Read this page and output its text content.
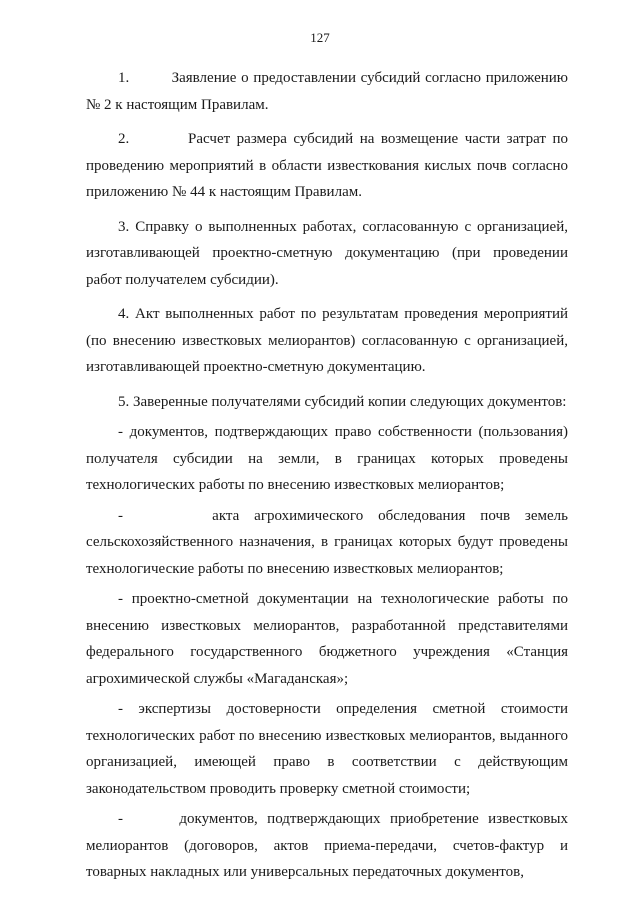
127

1.         Заявление о предоставлении субсидий согласно приложению № 2 к настоящим Правилам.

2.         Расчет размера субсидий на возмещение части затрат по проведению мероприятий в области известкования кислых почв согласно приложению № 44 к настоящим Правилам.

3. Справку о выполненных работах, согласованную с организацией, изготавливающей проектно-сметную документацию (при проведении работ получателем субсидии).

4. Акт выполненных работ по результатам проведения мероприятий (по внесению известковых мелиорантов) согласованную с организацией, изготавливающей проектно-сметную документацию.

5. Заверенные получателями субсидий копии следующих документов:

- документов, подтверждающих право собственности (пользования) получателя субсидии на земли, в границах которых проведены технологических работы по внесению известковых мелиорантов;

-      акта агрохимического обследования почв земель сельскохозяйственного назначения, в границах которых будут проведены технологические работы по внесению известковых мелиорантов;

- проектно-сметной документации на технологические работы по внесению известковых мелиорантов, разработанной представителями федерального государственного бюджетного учреждения «Станция агрохимической службы «Магаданская»;

- экспертизы достоверности определения сметной стоимости технологических работ по внесению известковых мелиорантов, выданного организацией, имеющей право в соответствии с действующим законодательством проводить проверку сметной стоимости;

-      документов, подтверждающих приобретение известковых мелиорантов (договоров, актов приема-передачи, счетов-фактур и товарных накладных или универсальных передаточных документов,
